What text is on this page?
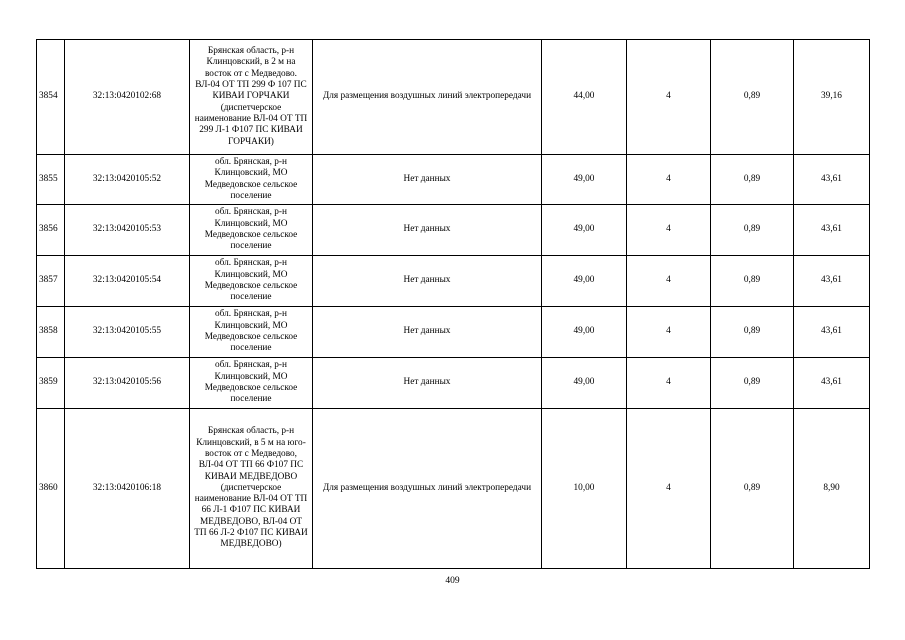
3854	32:13:0420102:68	Брянская область, р-н Клинцовский, в 2 м на восток от с Медведово. ВЛ-04 ОТ ТП 299 Ф 107 ПС КИВАИ ГОРЧАКИ (диспетчерское наименование ВЛ-04 ОТ ТП 299 Л-1 Ф107 ПС КИВАИ ГОРЧАКИ)	Для размещения воздушных линий электропередачи	44,00	4	0,89	39,16
3855	32:13:0420105:52	обл. Брянская, р-н Клинцовский, МО Медведовское сельское поселение	Нет данных	49,00	4	0,89	43,61
3856	32:13:0420105:53	обл. Брянская, р-н Клинцовский, МО Медведовское сельское поселение	Нет данных	49,00	4	0,89	43,61
3857	32:13:0420105:54	обл. Брянская, р-н Клинцовский, МО Медведовское сельское поселение	Нет данных	49,00	4	0,89	43,61
3858	32:13:0420105:55	обл. Брянская, р-н Клинцовский, МО Медведовское сельское поселение	Нет данных	49,00	4	0,89	43,61
3859	32:13:0420105:56	обл. Брянская, р-н Клинцовский, МО Медведовское сельское поселение	Нет данных	49,00	4	0,89	43,61
3860	32:13:0420106:18	Брянская область, р-н Клинцовский, в 5 м на юго-восток от с Медведово, ВЛ-04 ОТ ТП 66 Ф107 ПС КИВАИ МЕДВЕДОВО (диспетчерское наименование ВЛ-04 ОТ ТП 66 Л-1 Ф107 ПС КИВАИ МЕДВЕДОВО, ВЛ-04 ОТ ТП 66 Л-2 Ф107 ПС КИВАИ МЕДВЕДОВО)	Для размещения воздушных линий электропередачи	10,00	4	0,89	8,90
409
